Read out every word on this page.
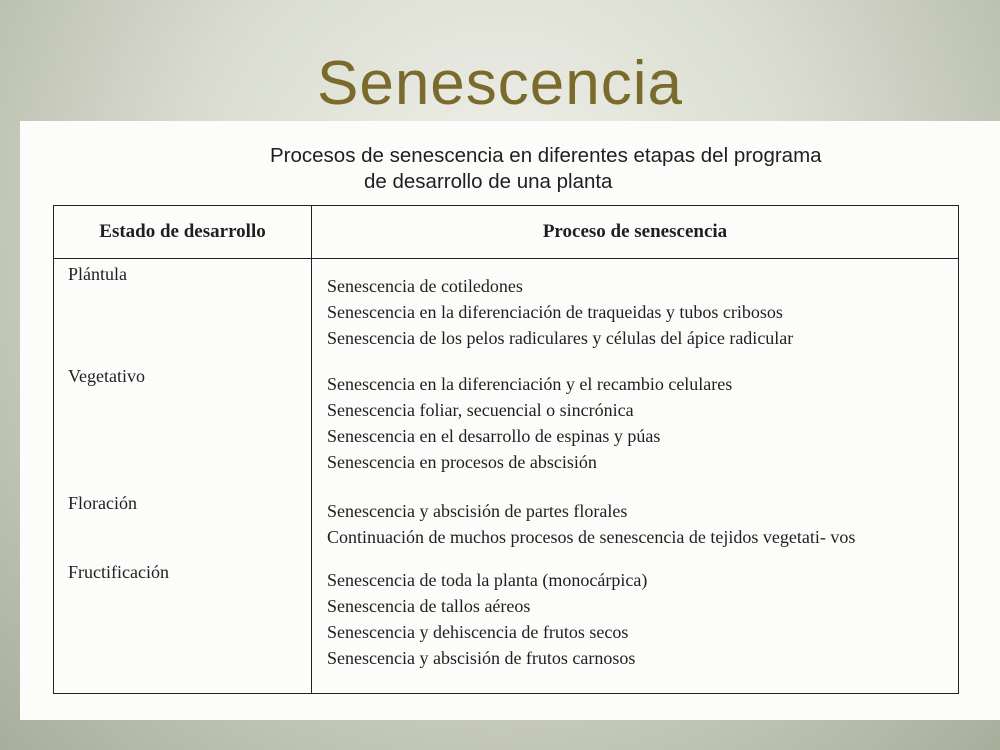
Senescencia
Procesos de senescencia en diferentes etapas del programa
de desarrollo de una planta
Estado de desarrollo	Proceso de senescencia

Plántula	Senescencia de cotiledones
Senescencia en la diferenciación de traqueidas y tubos cribosos
Senescencia de los pelos radiculares y células del ápice radicular

Vegetativo	Senescencia en la diferenciación y el recambio celulares
Senescencia foliar, secuencial o sincrónica
Senescencia en el desarrollo de espinas y púas
Senescencia en procesos de abscisión

Floración	Senescencia y abscisión de partes florales
Continuación de muchos procesos de senescencia de tejidos vegetati- vos

Fructificación	Senescencia de toda la planta (monocárpica)
Senescencia de tallos aéreos
Senescencia y dehiscencia de frutos secos
Senescencia y abscisión de frutos carnosos
